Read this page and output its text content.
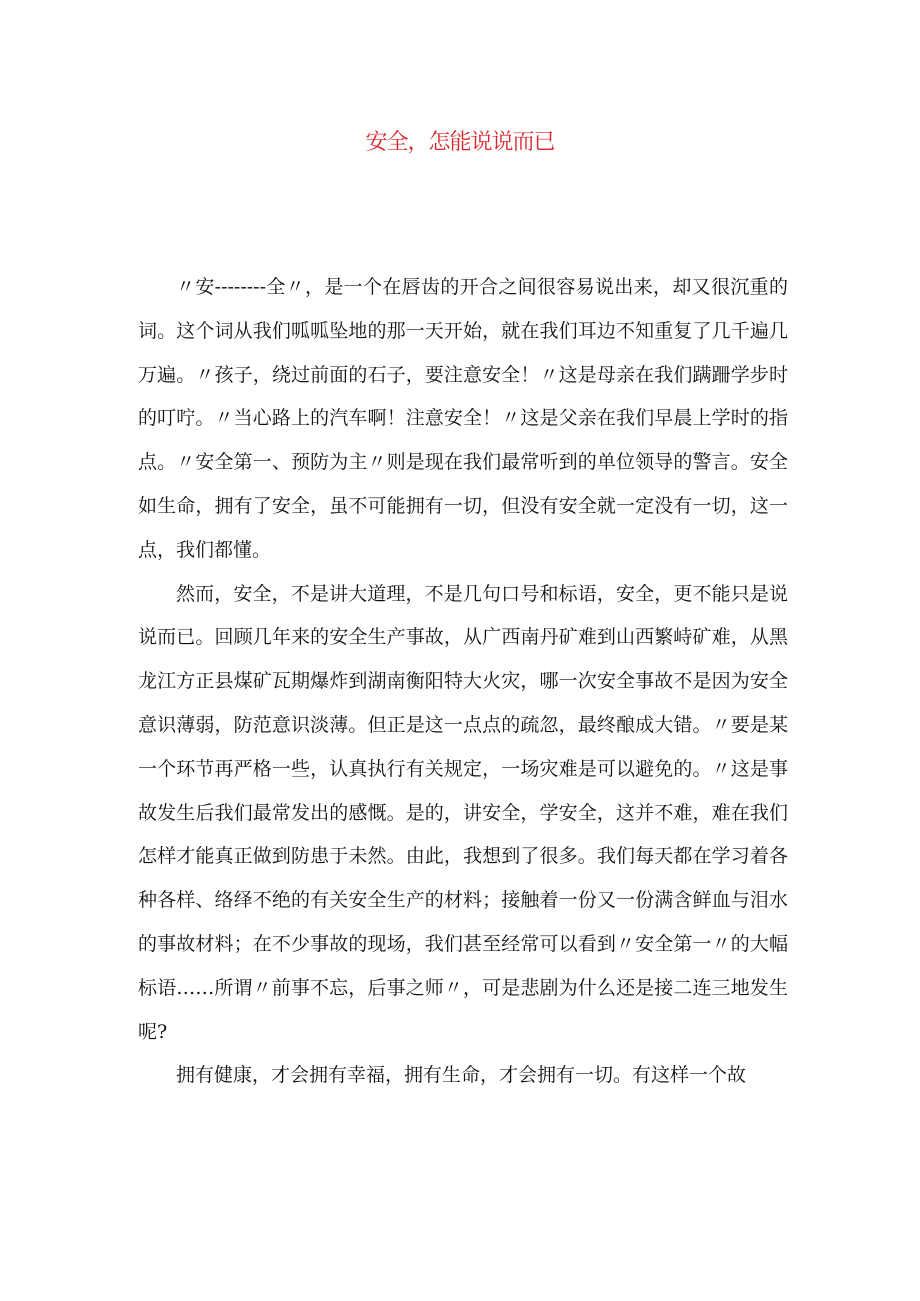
安全，怎能说说而已

〃安--------全〃，是一个在唇齿的开合之间很容易说出来，却又很沉重的词。这个词从我们呱呱坠地的那一天开始，就在我们耳边不知重复了几千遍几万遍。〃孩子，绕过前面的石子，要注意安全！〃这是母亲在我们蹒跚学步时的叮咛。〃当心路上的汽车啊！注意安全！〃这是父亲在我们早晨上学时的指点。〃安全第一、预防为主〃则是现在我们最常听到的单位领导的警言。安全如生命，拥有了安全，虽不可能拥有一切，但没有安全就一定没有一切，这一点，我们都懂。

然而，安全，不是讲大道理，不是几句口号和标语，安全，更不能只是说说而已。回顾几年来的安全生产事故，从广西南丹矿难到山西繁峙矿难，从黑龙江方正县煤矿瓦期爆炸到湖南衡阳特大火灾，哪一次安全事故不是因为安全意识薄弱，防范意识淡薄。但正是这一点点的疏忽，最终酿成大错。〃要是某一个环节再严格一些，认真执行有关规定，一场灾难是可以避免的。〃这是事故发生后我们最常发出的感慨。是的，讲安全，学安全，这并不难，难在我们怎样才能真正做到防患于未然。由此，我想到了很多。我们每天都在学习着各种各样、络绎不绝的有关安全生产的材料；接触着一份又一份满含鲜血与泪水的事故材料；在不少事故的现场，我们甚至经常可以看到〃安全第一〃的大幅标语……所谓〃前事不忘，后事之师〃，可是悲剧为什么还是接二连三地发生呢?

拥有健康，才会拥有幸福，拥有生命，才会拥有一切。有这样一个故
